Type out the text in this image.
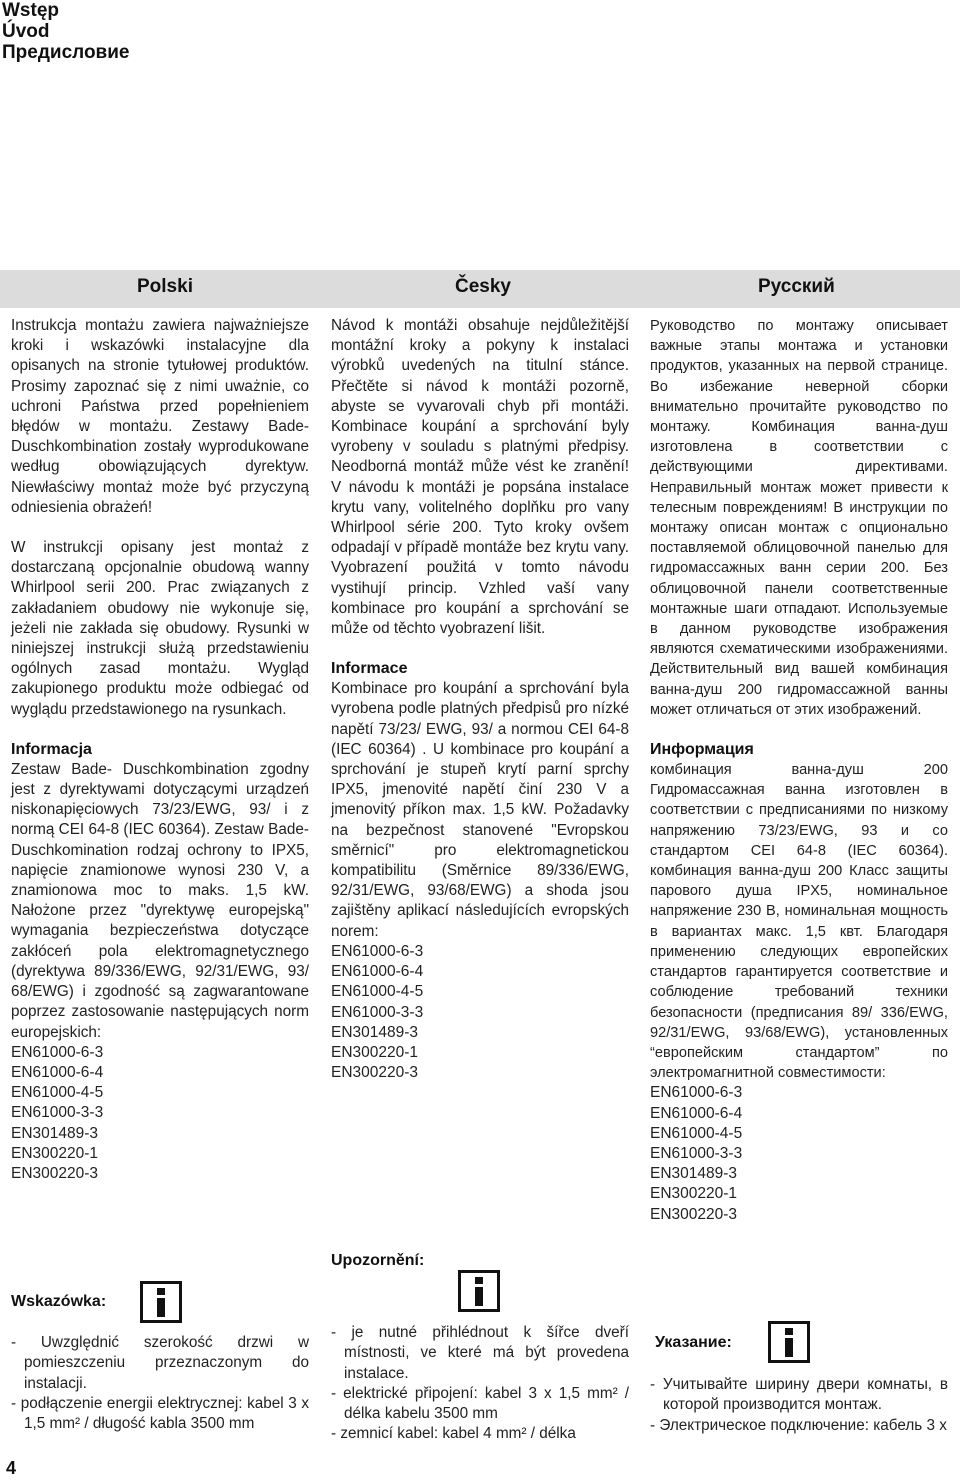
Wstęp
Úvod
Предисловие
Polski	Česky	Русский

Instrukcja montażu zawiera najważniejsze kroki i wskazówki instalacyjne dla opisanych na stronie tytułowej produktów. Prosimy zapoznać się z nimi uważnie, co uchroni Państwa przed popełnieniem błędów w montażu. Zestawy Bade-Duschkombination zostały wyprodukowane według obowiązujących dyrektyw. Niewłaściwy montaż może być przyczyną odniesienia obrażeń!

W instrukcji opisany jest montaż z dostarczaną opcjonalnie obudową wanny Whirlpool serii 200. Prac związanych z zakładaniem obudowy nie wykonuje się, jeżeli nie zakłada się obudowy. Rysunki w niniejszej instrukcji służą przedstawieniu ogólnych zasad montażu. Wygląd zakupionego produktu może odbiegać od wyglądu przedstawionego na rysunkach.

Informacja

Zestaw Bade- Duschkombination zgodny jest z dyrektywami dotyczącymi urządzeń niskonapięciowych 73/23/EWG, 93/ i z normą CEI 64-8 (IEC 60364). Zestaw Bade- Duschkomination rodzaj ochrony to IPX5, napięcie znamionowe wynosi 230 V, a znamionowa moc to maks. 1,5 kW. Nałożone przez "dyrektywę europejską" wymagania bezpieczeństwa dotyczące zakłóceń pola elektromagnetycznego (dyrektywa 89/336/EWG, 92/31/EWG, 93/ 68/EWG) i zgodność są zagwarantowane poprzez zastosowanie następujących norm europejskich:

EN61000-6-3
EN61000-6-4
EN61000-4-5
EN61000-3-3
EN301489-3
EN300220-1
EN300220-3

Návod k montáži obsahuje nejdůležitější montážní kroky a pokyny k instalaci výrobků uvedených na titulní stánce. Přečtěte si návod k montáži pozorně, abyste se vyvarovali chyb při montáži. Kombinace koupání a sprchování byly vyrobeny v souladu s platnými předpisy. Neodborná montáž může vést ke zranění! V návodu k montáži je popsána instalace krytu vany, volitelného doplňku pro vany Whirlpool série 200. Tyto kroky ovšem odpadají v případě montáže bez krytu vany. Vyobrazení použitá v tomto návodu vystihují princip. Vzhled vaší vany kombinace pro koupání a sprchování se může od těchto vyobrazení lišit.

Informace

Kombinace pro koupání a sprchování byla vyrobena podle platných předpisů pro nízké napětí 73/23/ EWG, 93/ a normou CEI 64-8 (IEC 60364) . U kombinace pro koupání a sprchování je stupeň krytí parní sprchy IPX5, jmenovité napětí činí 230 V a jmenovitý příkon max. 1,5 kW. Požadavky na bezpečnost stanovené "Evropskou směrnicí" pro elektromagnetickou kompatibilitu (Směrnice 89/336/EWG, 92/31/EWG, 93/68/EWG) a shoda jsou zajištěny aplikací následujících evropských norem:

EN61000-6-3
EN61000-6-4
EN61000-4-5
EN61000-3-3
EN301489-3
EN300220-1
EN300220-3

Руководство по монтажу описывает важные этапы монтажа и установки продуктов, указанных на первой странице. Во избежание неверной сборки внимательно прочитайте руководство по монтажу. Комбинация ванна-душ изготовлена в соответствии с действующими директивами. Неправильный монтаж может привести к телесным повреждениям! В инструкции по монтажу описан монтаж с опционально поставляемой облицовочной панелью для гидромассажных ванн серии 200. Без облицовочной панели соответственные монтажные шаги отпадают. Используемые в данном руководстве изображения являются схематическими изображениями. Действительный вид вашей комбинация ванна-душ 200 гидромассажной ванны может отличаться от этих изображений.

Информация

комбинация ванна-душ 200 Гидромассажная ванна изготовлен в соответствии с предписаниями по низкому напряжению 73/23/EWG, 93 и со стандартом CEI 64-8 (IEC 60364). комбинация ванна-душ 200 Класс защиты парового душа IPX5, номинальное напряжение 230 В, номинальная мощность в вариантах макс. 1,5 квт. Благодаря применению следующих европейских стандартов гарантируется соответствие и соблюдение требований техники безопасности (предписания 89/ 336/EWG, 92/31/EWG, 93/68/EWG), установленных “европейским стандартом” по электромагнитной совместимости:

EN61000-6-3
EN61000-6-4
EN61000-4-5
EN61000-3-3
EN301489-3
EN300220-1
EN300220-3
Wskazówka:
Upozornění:
Указание:
- Uwzględnić szerokość drzwi w pomieszczeniu przeznaczonym do instalacji.
- podłączenie energii elektrycznej: kabel 3 x 1,5 mm² / długość kabla 3500 mm
- je nutné přihlédnout k šířce dveří místnosti, ve které má být provedena instalace.
- elektrické připojení: kabel 3 x 1,5 mm² / délka kabelu 3500 mm
- zemnicí kabel: kabel 4 mm² / délka
- Учитывайте ширину двери комнаты, в которой производится монтаж.
- Электрическое подключение: кабель 3 x
4
